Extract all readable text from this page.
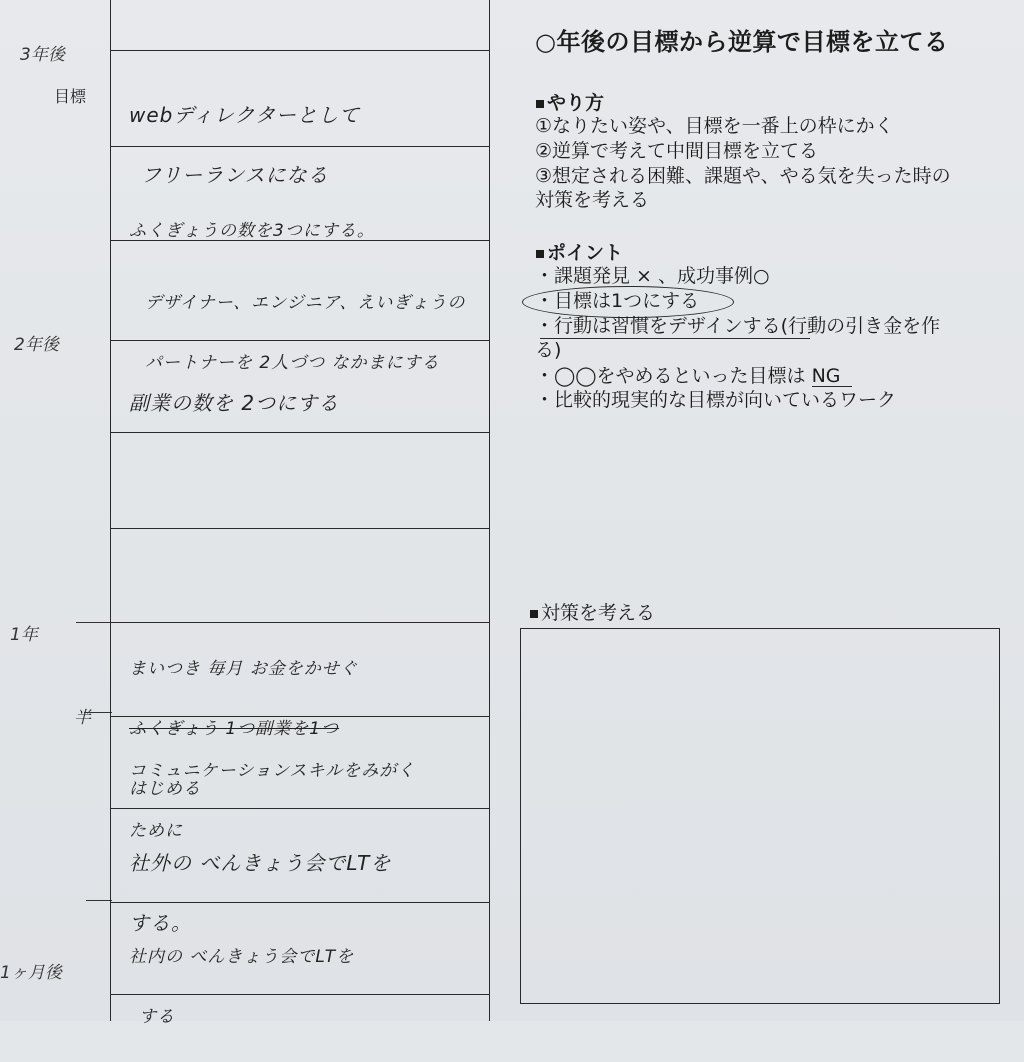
3年後
目標
2年後
1年
半
1ヶ月後

webディレクターとして

フリーランスになる

ふくぎょうの数を3つにする。

デザイナー、エンジニア、えいぎょうの

パートナーを 2人づつ なかまにする

副業の数を 2つにする

まいつき 毎月 お金をかせぐ

ふくぎょう 1つ副業を1つ

はじめる

コミュニケーションスキルをみがく

ために

社外の べんきょう会でLTを

する。

社内の べんきょう会でLTを

する

○年後の目標から逆算で目標を立てる
やり方
①なりたい姿や、目標を一番上の枠にかく
②逆算で考えて中間目標を立てる
③想定される困難、課題や、やる気を失った時の
対策を考える
ポイント
・課題発見 × 、成功事例○
・目標は1つにする
・行動は習慣をデザインする(行動の引き金を作
る)
・◯◯をやめるといった目標は NG
・比較的現実的な目標が向いているワーク
対策を考える
